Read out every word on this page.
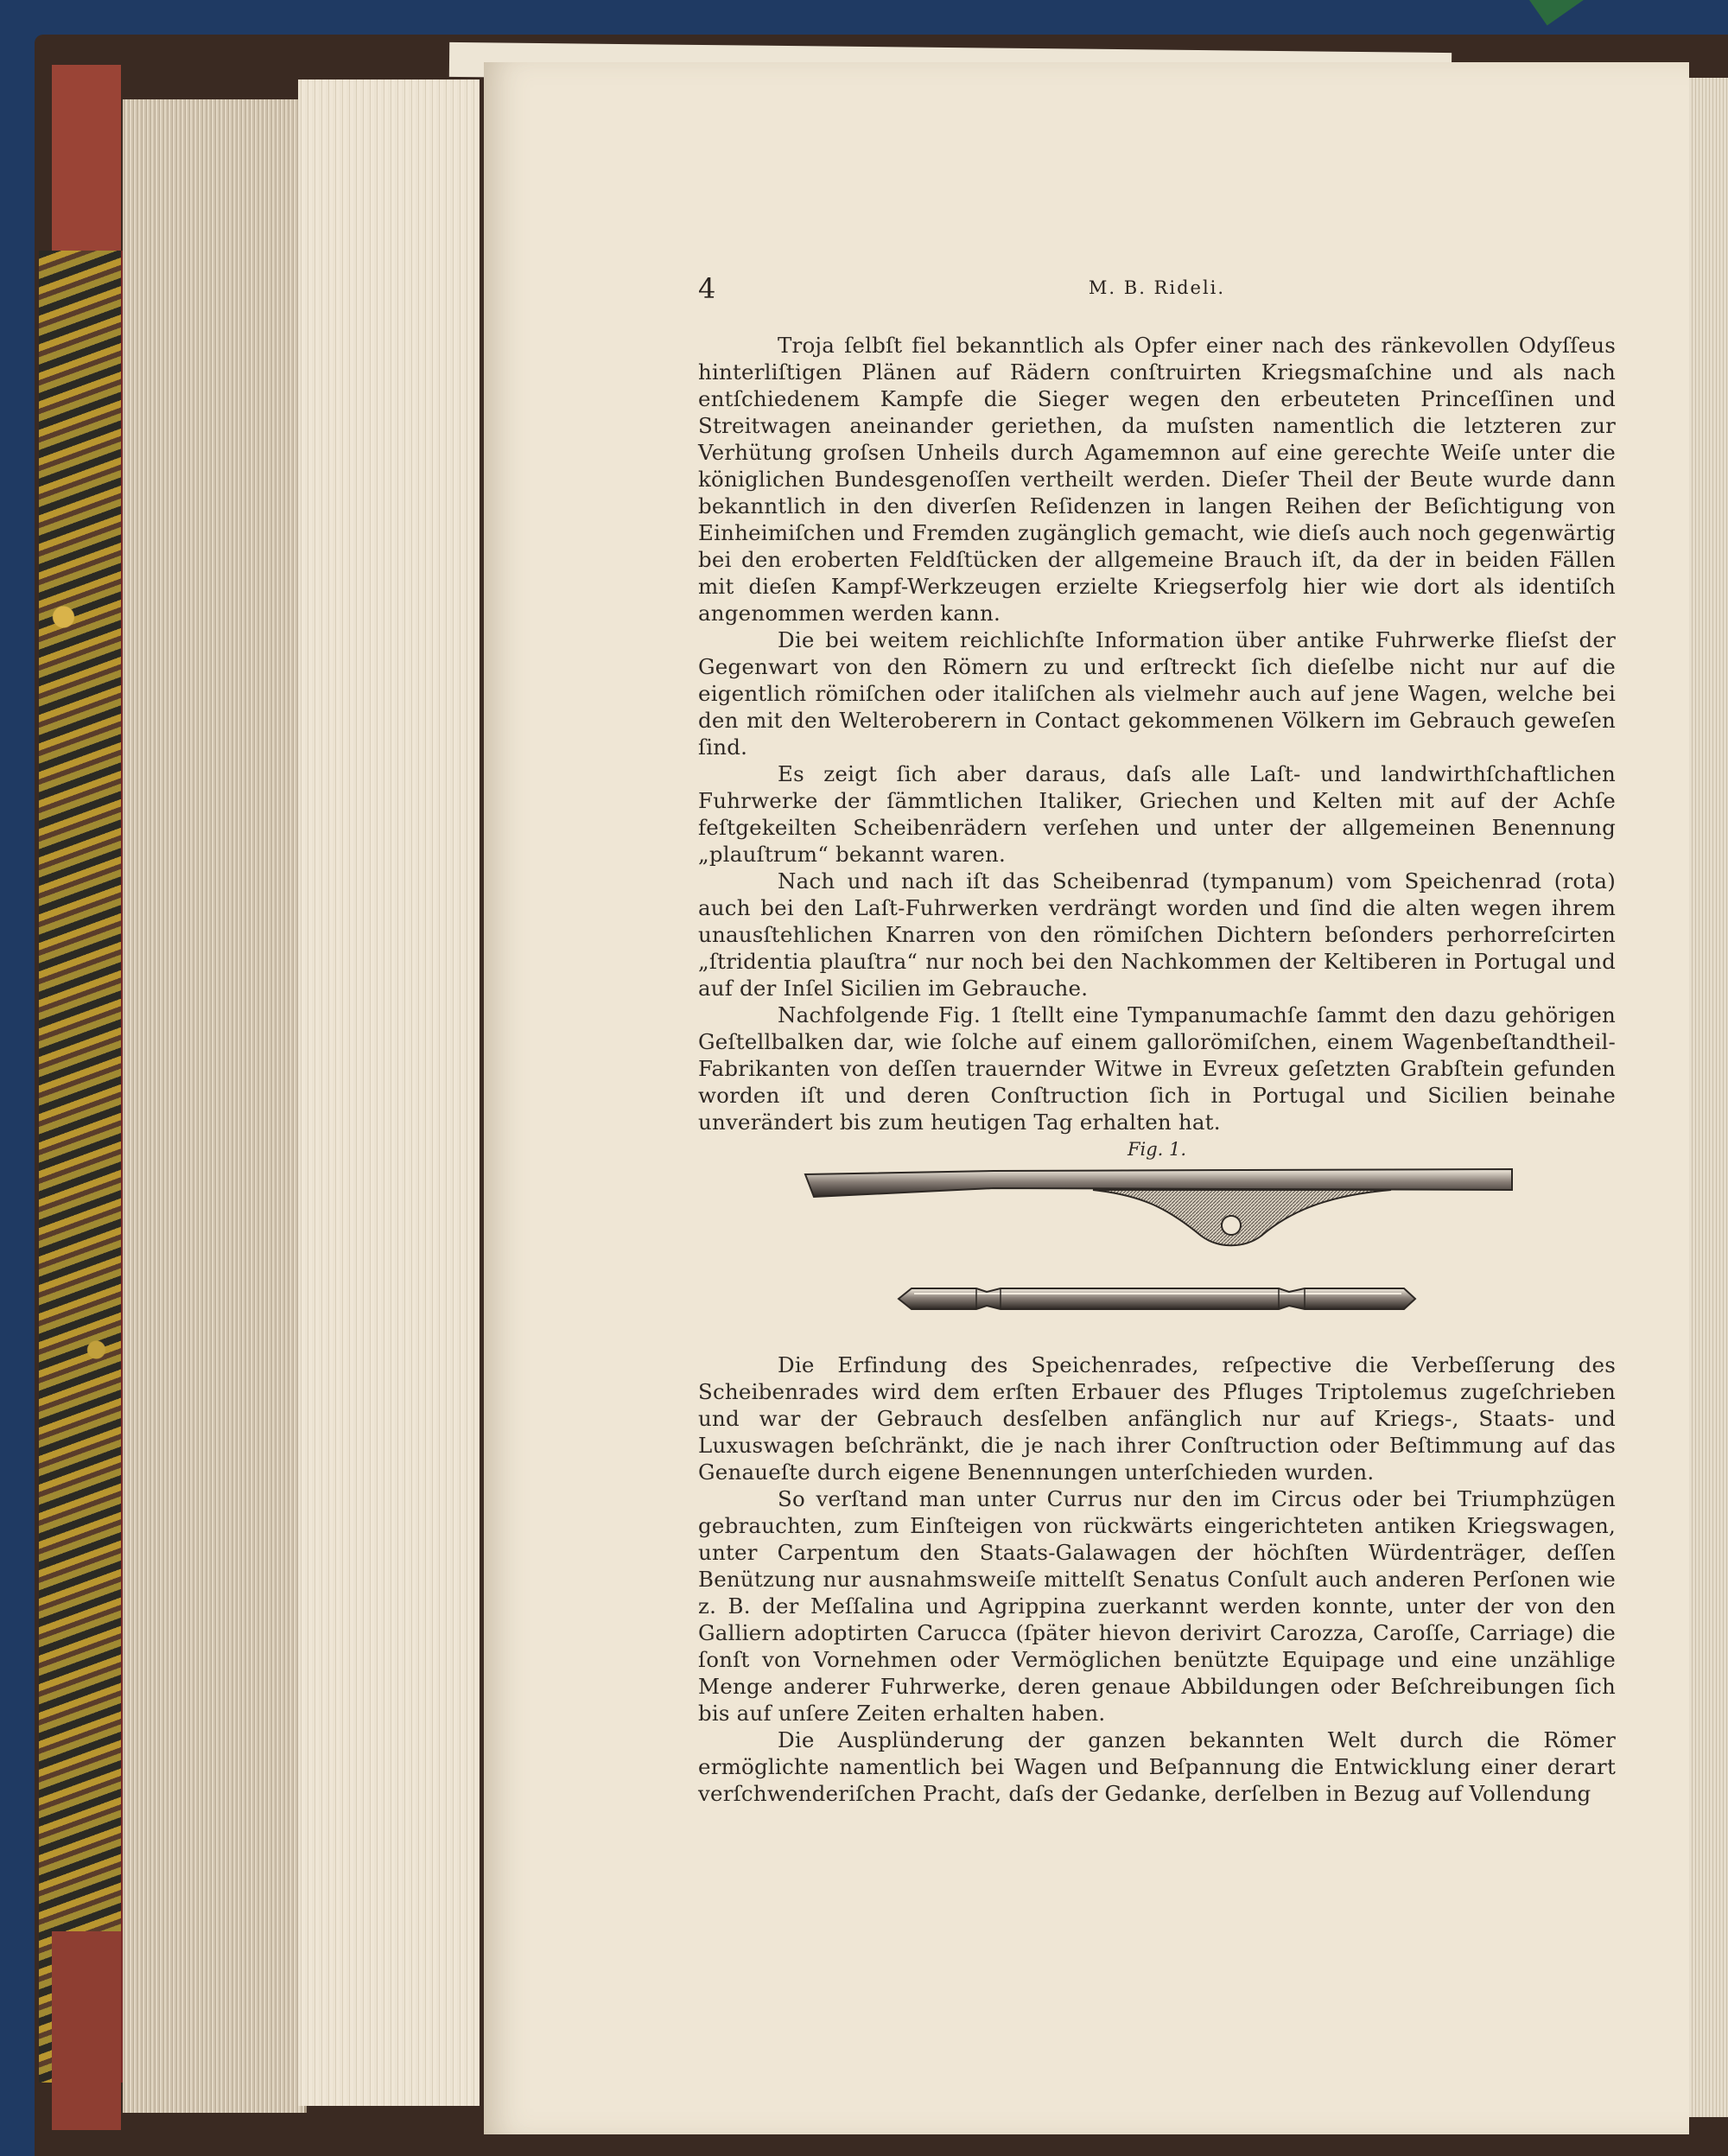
4	M. B. Rideli.

Troja ſelbſt fiel bekanntlich als Opfer einer nach des ränkevollen Odyſſeus hinterliſtigen Plänen auf Rädern conſtruirten Kriegsmaſchine und als nach entſchiedenem Kampfe die Sieger wegen den erbeuteten Princeſſinen und Streitwagen aneinander geriethen, da muſsten namentlich die letzteren zur Verhütung groſsen Unheils durch Agamemnon auf eine gerechte Weiſe unter die königlichen Bundesgenoſſen vertheilt werden. Dieſer Theil der Beute wurde dann bekanntlich in den diverſen Reſidenzen in langen Reihen der Beſichtigung von Einheimiſchen und Fremden zugänglich gemacht, wie dieſs auch noch gegenwärtig bei den eroberten Feldſtücken der allgemeine Brauch iſt, da der in beiden Fällen mit dieſen Kampf-Werkzeugen erzielte Kriegserfolg hier wie dort als identiſch angenommen werden kann.

Die bei weitem reichlichſte Information über antike Fuhrwerke flieſst der Gegenwart von den Römern zu und erſtreckt ſich dieſelbe nicht nur auf die eigentlich römiſchen oder italiſchen als vielmehr auch auf jene Wagen, welche bei den mit den Welteroberern in Contact gekommenen Völkern im Gebrauch geweſen ſind.

Es zeigt ſich aber daraus, daſs alle Laſt- und landwirthſchaftlichen Fuhrwerke der ſämmtlichen Italiker, Griechen und Kelten mit auf der Achſe feſtgekeilten Scheibenrädern verſehen und unter der allgemeinen Benennung „plauſtrum“ bekannt waren.

Nach und nach iſt das Scheibenrad (tympanum) vom Speichenrad (rota) auch bei den Laſt-Fuhrwerken verdrängt worden und ſind die alten wegen ihrem unausſtehlichen Knarren von den römiſchen Dichtern beſonders perhorreſcirten „ſtridentia plauſtra“ nur noch bei den Nachkommen der Keltiberen in Portugal und auf der Inſel Sicilien im Gebrauche.

Nachfolgende Fig. 1 ſtellt eine Tympanumachſe ſammt den dazu gehörigen Geſtellbalken dar, wie ſolche auf einem gallorömiſchen, einem Wagenbeſtandtheil-Fabrikanten von deſſen trauernder Witwe in Evreux geſetzten Grabſtein gefunden worden iſt und deren Conſtruction ſich in Portugal und Sicilien beinahe unverändert bis zum heutigen Tag erhalten hat.

Fig. 1.

Die Erfindung des Speichenrades, reſpective die Verbeſſerung des Scheibenrades wird dem erſten Erbauer des Pfluges Triptolemus zugeſchrieben und war der Gebrauch desſelben anfänglich nur auf Kriegs-, Staats- und Luxuswagen beſchränkt, die je nach ihrer Conſtruction oder Beſtimmung auf das Genaueſte durch eigene Benennungen unterſchieden wurden.

So verſtand man unter Currus nur den im Circus oder bei Triumphzügen gebrauchten, zum Einſteigen von rückwärts eingerichteten antiken Kriegswagen, unter Carpentum den Staats-Galawagen der höchſten Würdenträger, deſſen Benützung nur ausnahmsweiſe mittelſt Senatus Conſult auch anderen Perſonen wie z. B. der Meſſalina und Agrippina zuerkannt werden konnte, unter der von den Galliern adoptirten Carucca (ſpäter hievon derivirt Carozza, Caroſſe, Carriage) die ſonſt von Vornehmen oder Vermöglichen benützte Equipage und eine unzählige Menge anderer Fuhrwerke, deren genaue Abbildungen oder Beſchreibungen ſich bis auf unſere Zeiten erhalten haben.

Die Ausplünderung der ganzen bekannten Welt durch die Römer ermöglichte namentlich bei Wagen und Beſpannung die Entwicklung einer derart verſchwenderiſchen Pracht, daſs der Gedanke, derſelben in Bezug auf Vollendung
